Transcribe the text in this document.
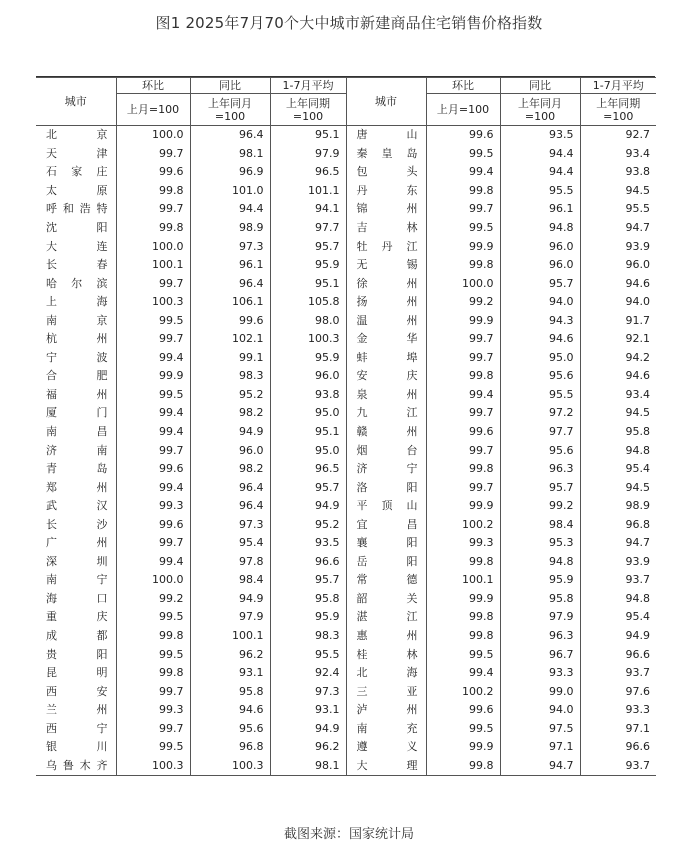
图1 2025年7月70个大中城市新建商品住宅销售价格指数
城市	环比	同比	1-7月平均	城市	环比	同比	1-7月平均
	上月=100	上年同月=100	上年同期=100		上月=100	上年同月=100	上年同期=100
北京	100.0	96.4	95.1	唐山	99.6	93.5	92.7
天津	99.7	98.1	97.9	秦皇岛	99.5	94.4	93.4
石家庄	99.6	96.9	96.5	包头	99.4	94.4	93.8
太原	99.8	101.0	101.1	丹东	99.8	95.5	94.5
呼和浩特	99.7	94.4	94.1	锦州	99.7	96.1	95.5
沈阳	99.8	98.9	97.7	吉林	99.5	94.8	94.7
大连	100.0	97.3	95.7	牡丹江	99.9	96.0	93.9
长春	100.1	96.1	95.9	无锡	99.8	96.0	96.0
哈尔滨	99.7	96.4	95.1	徐州	100.0	95.7	94.6
上海	100.3	106.1	105.8	扬州	99.2	94.0	94.0
南京	99.5	99.6	98.0	温州	99.9	94.3	91.7
杭州	99.7	102.1	100.3	金华	99.7	94.6	92.1
宁波	99.4	99.1	95.9	蚌埠	99.7	95.0	94.2
合肥	99.9	98.3	96.0	安庆	99.8	95.6	94.6
福州	99.5	95.2	93.8	泉州	99.4	95.5	93.4
厦门	99.4	98.2	95.0	九江	99.7	97.2	94.5
南昌	99.4	94.9	95.1	赣州	99.6	97.7	95.8
济南	99.7	96.0	95.0	烟台	99.7	95.6	94.8
青岛	99.6	98.2	96.5	济宁	99.8	96.3	95.4
郑州	99.4	96.4	95.7	洛阳	99.7	95.7	94.5
武汉	99.3	96.4	94.9	平顶山	99.9	99.2	98.9
长沙	99.6	97.3	95.2	宜昌	100.2	98.4	96.8
广州	99.7	95.4	93.5	襄阳	99.3	95.3	94.7
深圳	99.4	97.8	96.6	岳阳	99.8	94.8	93.9
南宁	100.0	98.4	95.7	常德	100.1	95.9	93.7
海口	99.2	94.9	95.8	韶关	99.9	95.8	94.8
重庆	99.5	97.9	95.9	湛江	99.8	97.9	95.4
成都	99.8	100.1	98.3	惠州	99.8	96.3	94.9
贵阳	99.5	96.2	95.5	桂林	99.5	96.7	96.6
昆明	99.8	93.1	92.4	北海	99.4	93.3	93.7
西安	99.7	95.8	97.3	三亚	100.2	99.0	97.6
兰州	99.3	94.6	93.1	泸州	99.6	94.0	93.3
西宁	99.7	95.6	94.9	南充	99.5	97.5	97.1
银川	99.5	96.8	96.2	遵义	99.9	97.1	96.6
乌鲁木齐	100.3	100.3	98.1	大理	99.8	94.7	93.7
截图来源：国家统计局
